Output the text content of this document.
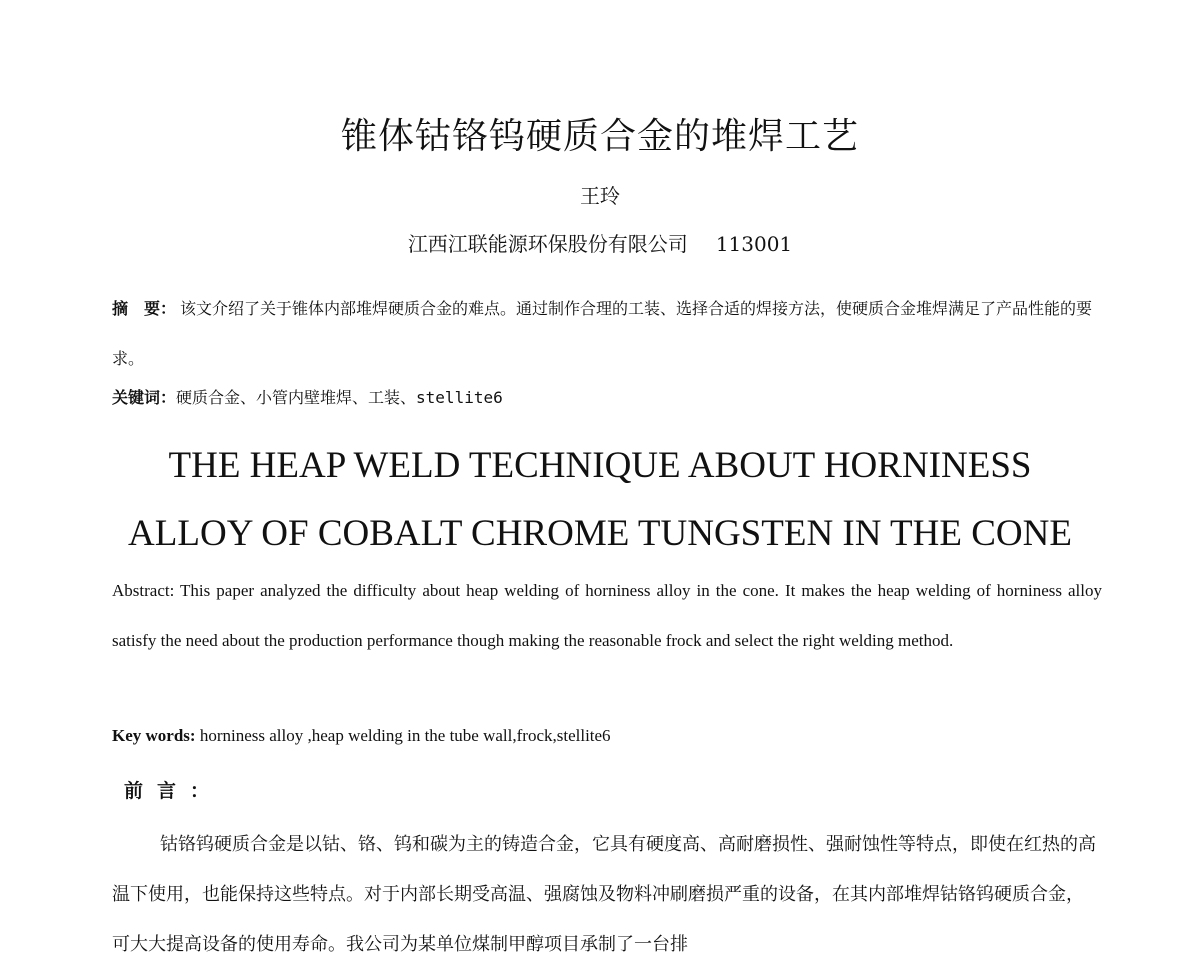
锥体钴铬钨硬质合金的堆焊工艺
王玲
江西江联能源环保股份有限公司 113001
摘　要： 该文介绍了关于锥体内部堆焊硬质合金的难点。通过制作合理的工装、选择合适的焊接方法，使硬质合金堆焊满足了产品性能的要求。
关键词：硬质合金、小管内壁堆焊、工装、stellite6
THE HEAP WELD TECHNIQUE ABOUT HORNINESS
ALLOY OF COBALT CHROME TUNGSTEN IN THE CONE
Abstract: This paper analyzed the difficulty about heap welding of horniness alloy in the cone. It makes the heap welding of horniness alloy satisfy the need about the production performance though making the reasonable frock and select the right welding method.
Key words: horniness alloy ,heap welding in the tube wall,frock,stellite6
前言：
钴铬钨硬质合金是以钴、铬、钨和碳为主的铸造合金，它具有硬度高、高耐磨损性、强耐蚀性等特点，即使在红热的高温下使用，也能保持这些特点。对于内部长期受高温、强腐蚀及物料冲刷磨损严重的设备，在其内部堆焊钴铬钨硬质合金，可大大提高设备的使用寿命。我公司为某单位煤制甲醇项目承制了一台排
